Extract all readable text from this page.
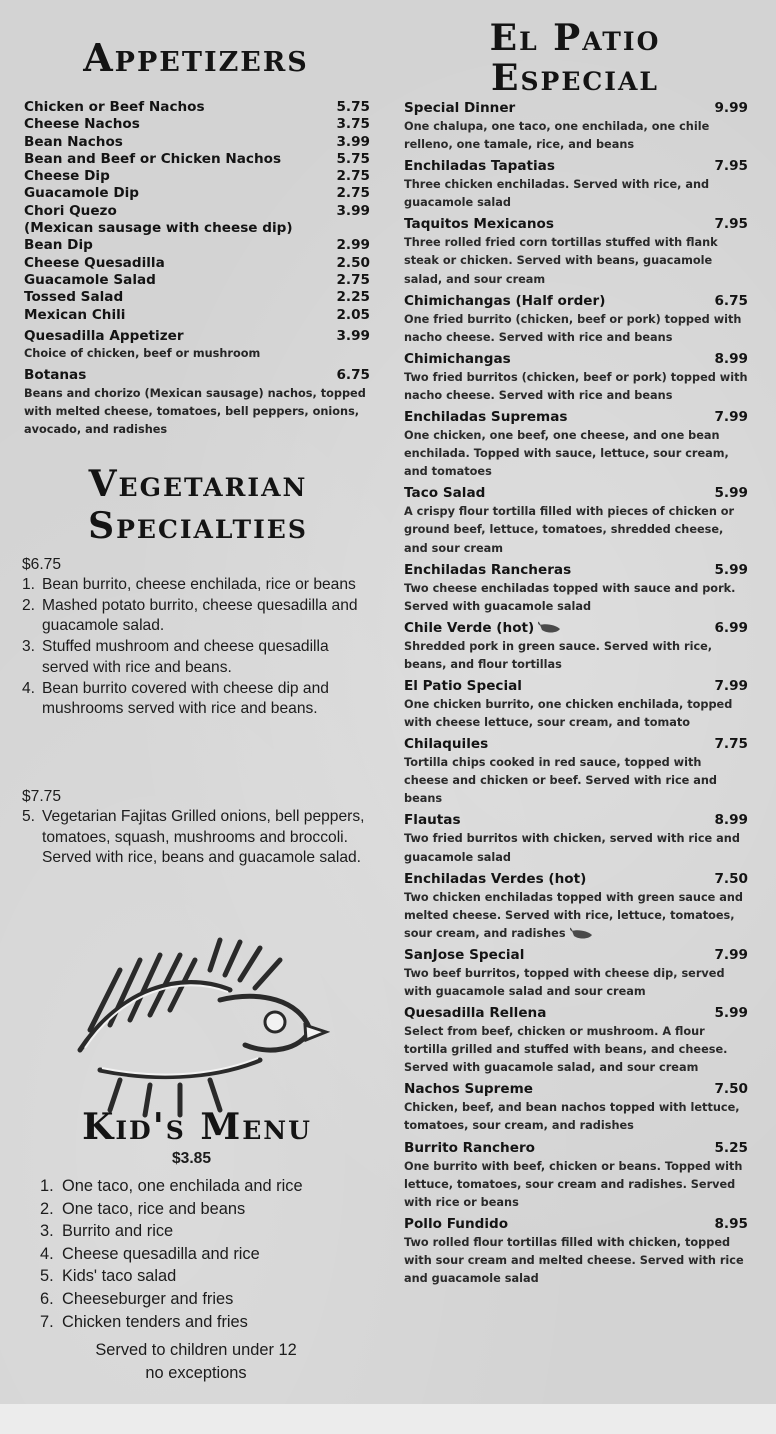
Appetizers	El Patio
Especial
Vegetarian
Specialties
Kid's Menu
Chicken or Beef Nachos	5.75
Cheese Nachos	3.75
Bean Nachos	3.99
Bean and Beef or Chicken Nachos	5.75
Cheese Dip	2.75
Guacamole Dip	2.75
Chori Quezo	3.99
(Mexican sausage with cheese dip)
Bean Dip	2.99
Cheese Quesadilla	2.50
Guacamole Salad	2.75
Tossed Salad	2.25
Mexican Chili	2.05
Quesadilla Appetizer	3.99
Choice of chicken, beef or mushroom
Botanas	6.75
Beans and chorizo (Mexican sausage) nachos, topped with melted cheese, tomatoes, bell peppers, onions, avocado, and radishes
$6.75
1. Bean burrito, cheese enchilada, rice or beans
2. Mashed potato burrito, cheese quesadilla and guacamole salad.
3. Stuffed mushroom and cheese quesadilla served with rice and beans.
4. Bean burrito covered with cheese dip and mushrooms served with rice and beans.
$7.75
5. Vegetarian Fajitas Grilled onions, bell peppers, tomatoes, squash, mushrooms and broccoli. Served with rice, beans and guacamole salad.
$3.85
1. One taco, one enchilada and rice
2. One taco, rice and beans
3. Burrito and rice
4. Cheese quesadilla and rice
5. Kids' taco salad
6. Cheeseburger and fries
7. Chicken tenders and fries
Served to children under 12
no exceptions
Special Dinner	9.99
One chalupa, one taco, one enchilada, one chile relleno, one tamale, rice, and beans
Enchiladas Tapatias	7.95
Three chicken enchiladas. Served with rice, and guacamole salad
Taquitos Mexicanos	7.95
Three rolled fried corn tortillas stuffed with flank steak or chicken. Served with beans, guacamole salad, and sour cream
Chimichangas (Half order)	6.75
One fried burrito (chicken, beef or pork) topped with nacho cheese. Served with rice and beans
Chimichangas	8.99
Two fried burritos (chicken, beef or pork) topped with nacho cheese. Served with rice and beans
Enchiladas Supremas	7.99
One chicken, one beef, one cheese, and one bean enchilada. Topped with sauce, lettuce, sour cream, and tomatoes
Taco Salad	5.99
A crispy flour tortilla filled with pieces of chicken or ground beef, lettuce, tomatoes, shredded cheese, and sour cream
Enchiladas Rancheras	5.99
Two cheese enchiladas topped with sauce and pork. Served with guacamole salad
Chile Verde (hot)	6.99
Shredded pork in green sauce. Served with rice, beans, and flour tortillas
El Patio Special	7.99
One chicken burrito, one chicken enchilada, topped with cheese lettuce, sour cream, and tomato
Chilaquiles	7.75
Tortilla chips cooked in red sauce, topped with cheese and chicken or beef. Served with rice and beans
Flautas	8.99
Two fried burritos with chicken, served with rice and guacamole salad
Enchiladas Verdes (hot)	7.50
Two chicken enchiladas topped with green sauce and melted cheese. Served with rice, lettuce, tomatoes, sour cream, and radishes
SanJose Special	7.99
Two beef burritos, topped with cheese dip, served with guacamole salad and sour cream
Quesadilla Rellena	5.99
Select from beef, chicken or mushroom. A flour tortilla grilled and stuffed with beans, and cheese. Served with guacamole salad, and sour cream
Nachos Supreme	7.50
Chicken, beef, and bean nachos topped with lettuce, tomatoes, sour cream, and radishes
Burrito Ranchero	5.25
One burrito with beef, chicken or beans. Topped with lettuce, tomatoes, sour cream and radishes. Served with rice or beans
Pollo Fundido	8.95
Two rolled flour tortillas filled with chicken, topped with sour cream and melted cheese. Served with rice and guacamole salad
